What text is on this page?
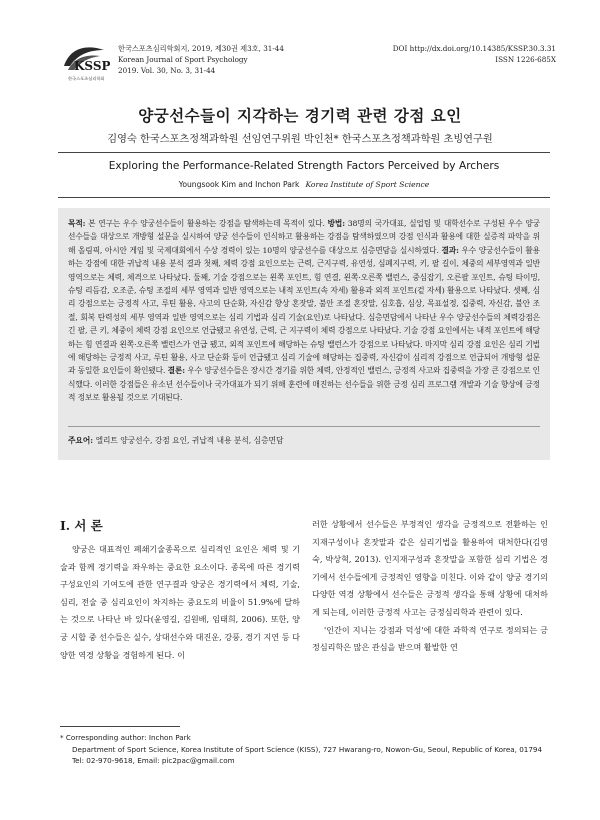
KSSP
한국스포츠심리학회
한국스포츠심리학회지, 2019, 제30권 제3호, 31-44
Korean Journal of Sport Psychology
2019. Vol. 30, No. 3, 31-44
DOI http://dx.doi.org/10.14385/KSSP.30.3.31
ISSN 1226-685X
양궁선수들이 지각하는 경기력 관련 강점 요인
김영숙 한국스포츠정책과학원 선임연구위원 박인천* 한국스포츠정책과학원 초빙연구원
Exploring the Performance-Related Strength Factors Perceived by Archers
Youngsook Kim and Inchon Park Korea Institute of Sport Science
목적: 본 연구는 우수 양궁선수들이 활용하는 강점을 탐색하는데 목적이 있다. 방법: 38명의 국가대표, 실업팀 및 대학선수로 구성된 우수 양궁선수들을 대상으로 개방형 설문을 실시하여 양궁 선수들이 인식하고 활용하는 강점을 탐색하였으며 강점 인식과 활용에 대한 실증적 파악을 위해 올림픽, 아시안 게임 및 국제대회에서 수상 경력이 있는 10명의 양궁선수를 대상으로 심층면담을 실시하였다. 결과: 우수 양궁선수들이 활용하는 강점에 대한 귀납적 내용 분석 결과 첫째, 체력 강점 요인으로는 근력, 근지구력, 유연성, 심폐지구력, 키, 팔 길이, 체중의 세부영역과 일반 영역으로는 체력, 체격으로 나타났다. 둘째, 기술 강점으로는 왼쪽 포인트, 힘 연결, 왼쪽·오른쪽 밸런스, 중심잡기, 오른팔 포인트, 슈팅 타이밍, 슈팅 리듬감, 오조준, 슈팅 조절의 세부 영역과 일반 영역으로는 내적 포인트(속 자세) 활용과 외적 포인트(겉 자세) 활용으로 나타났다. 셋째, 심리 강점으로는 긍정적 사고, 루틴 활용, 사고의 단순화, 자신감 향상 혼잣말, 불안 조절 혼잣말, 심호흡, 심상, 목표설정, 집중력, 자신감, 불안 조절, 회복 탄력성의 세부 영역과 일반 영역으로는 심리 기법과 심리 기술(요인)로 나타났다. 심층면담에서 나타난 우수 양궁선수들의 체력강점은 긴 팔, 큰 키, 체중이 체력 강점 요인으로 언급됐고 유연성, 근력, 근 지구력이 체력 강점으로 나타났다. 기술 강점 요인에서는 내적 포인트에 해당하는 힘 연결과 왼쪽·오른쪽 밸런스가 언급 됐고, 외적 포인트에 해당하는 슈팅 밸런스가 강점으로 나타났다. 마지막 심리 강점 요인은 심리 기법에 해당하는 긍정적 사고, 루틴 활용, 사고 단순화 등이 언급됐고 심리 기술에 해당하는 집중력, 자신감이 심리적 강점으로 언급되어 개방형 설문과 동일한 요인들이 확인됐다. 결론: 우수 양궁선수들은 장시간 경기를 위한 체력, 안정적인 밸런스, 긍정적 사고와 집중력을 가장 큰 강점으로 인식했다. 이러한 강점들은 유소년 선수들이나 국가대표가 되기 위해 훈련에 매진하는 선수들을 위한 긍정 심리 프로그램 개발과 기술 향상에 긍정적 정보로 활용될 것으로 기대된다.
주요어: 엘리트 양궁선수, 강점 요인, 귀납적 내용 분석, 심층면담
Ⅰ. 서 론
양궁은 대표적인 폐쇄기술종목으로 심리적인 요인은 체력 및 기술과 함께 경기력을 좌우하는 중요한 요소이다. 종목에 따른 경기력 구성요인의 기여도에 관한 연구결과 양궁은 경기력에서 체력, 기술, 심리, 전술 중 심리요인이 차지하는 중요도의 비율이 51.9%에 달하는 것으로 나타난 바 있다(윤영길, 김원배, 임태희, 2006). 또한, 양궁 시합 중 선수들은 실수, 상대선수와 대진운, 강풍, 경기 지연 등 다양한 역경 상황을 경험하게 된다. 이

러한 상황에서 선수들은 부정적인 생각을 긍정적으로 전환하는 인지재구성이나 혼잣말과 같은 심리기법을 활용하여 대처한다(김영숙, 박상혁, 2013). 인지재구성과 혼잣말을 포함한 심리 기법은 경기에서 선수들에게 긍정적인 영향을 미친다. 이와 같이 양궁 경기의 다양한 역경 상황에서 선수들은 긍정적 생각을 통해 상황에 대처하게 되는데, 이러한 긍정적 사고는 긍정심리학과 관련이 있다.

'인간이 지니는 강점과 덕성'에 대한 과학적 연구로 정의되는 긍정심리학은 많은 관심을 받으며 활발한 연

* Corresponding author: Inchon Park
Department of Sport Science, Korea Institute of Sport Science (KISS), 727 Hwarang-ro, Nowon-Gu, Seoul, Republic of Korea, 01794
Tel: 02-970-9618, Email: pic2pac@gmail.com
